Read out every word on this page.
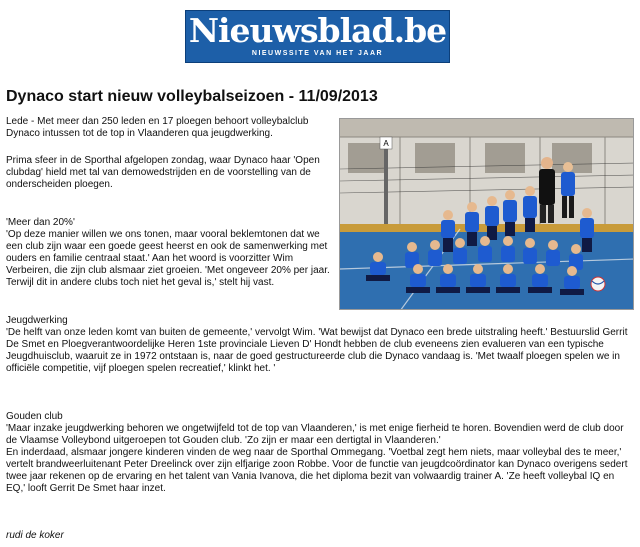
Nieuwsblad.be
NIEUWSSITE VAN HET JAAR
Dynaco start nieuw volleybalseizoen - 11/09/2013

Lede - Met meer dan 250 leden en 17 ploegen behoort volleybalclub Dynaco intussen tot de top in Vlaanderen qua jeugdwerking.

Prima sfeer in de Sporthal afgelopen zondag, waar Dynaco haar 'Open clubdag' hield met tal van demowedstrijden en de voorstelling van de onderscheiden ploegen.

'Meer dan 20%'

'Op deze manier willen we ons tonen, maar vooral beklemtonen dat we een club zijn waar een goede geest heerst en ook de samenwerking met ouders en familie centraal staat.' Aan het woord is voorzitter Wim Verbeiren, die zijn club alsmaar ziet groeien. 'Met ongeveer 20% per jaar. Terwijl dit in andere clubs toch niet het geval is,' stelt hij vast.

Jeugdwerking

'De helft van onze leden komt van buiten de gemeente,' vervolgt Wim. 'Wat bewijst dat Dynaco een brede uitstraling heeft.' Bestuurslid Gerrit De Smet en Ploegverantwoordelijke Heren 1ste provinciale Lieven D' Hondt hebben de club eveneens zien evalueren van een typische Jeugdhuisclub, waaruit ze in 1972 ontstaan is, naar de goed gestructureerde club die Dynaco vandaag is. 'Met twaalf ploegen spelen we in officiële competitie, vijf ploegen spelen recreatief,' klinkt het. '

Gouden club

'Maar inzake jeugdwerking behoren we ongetwijfeld tot de top van Vlaanderen,' is met enige fierheid te horen. Bovendien werd de club door de Vlaamse Volleybond uitgeroepen tot Gouden club. 'Zo zijn er maar een dertigtal in Vlaanderen.'

En inderdaad, alsmaar jongere kinderen vinden de weg naar de Sporthal Ommegang. 'Voetbal zegt hem niets, maar volleybal des te meer,' vertelt brandweerluitenant Peter Dreelinck over zijn elfjarige zoon Robbe. Voor de functie van jeugdcoördinator kan Dynaco overigens sedert twee jaar rekenen op de ervaring en het talent van Vania Ivanova, die het diploma bezit van volwaardig trainer A. 'Ze heeft volleybal IQ en EQ,' looft Gerrit De Smet haar inzet.

rudi de koker

A
